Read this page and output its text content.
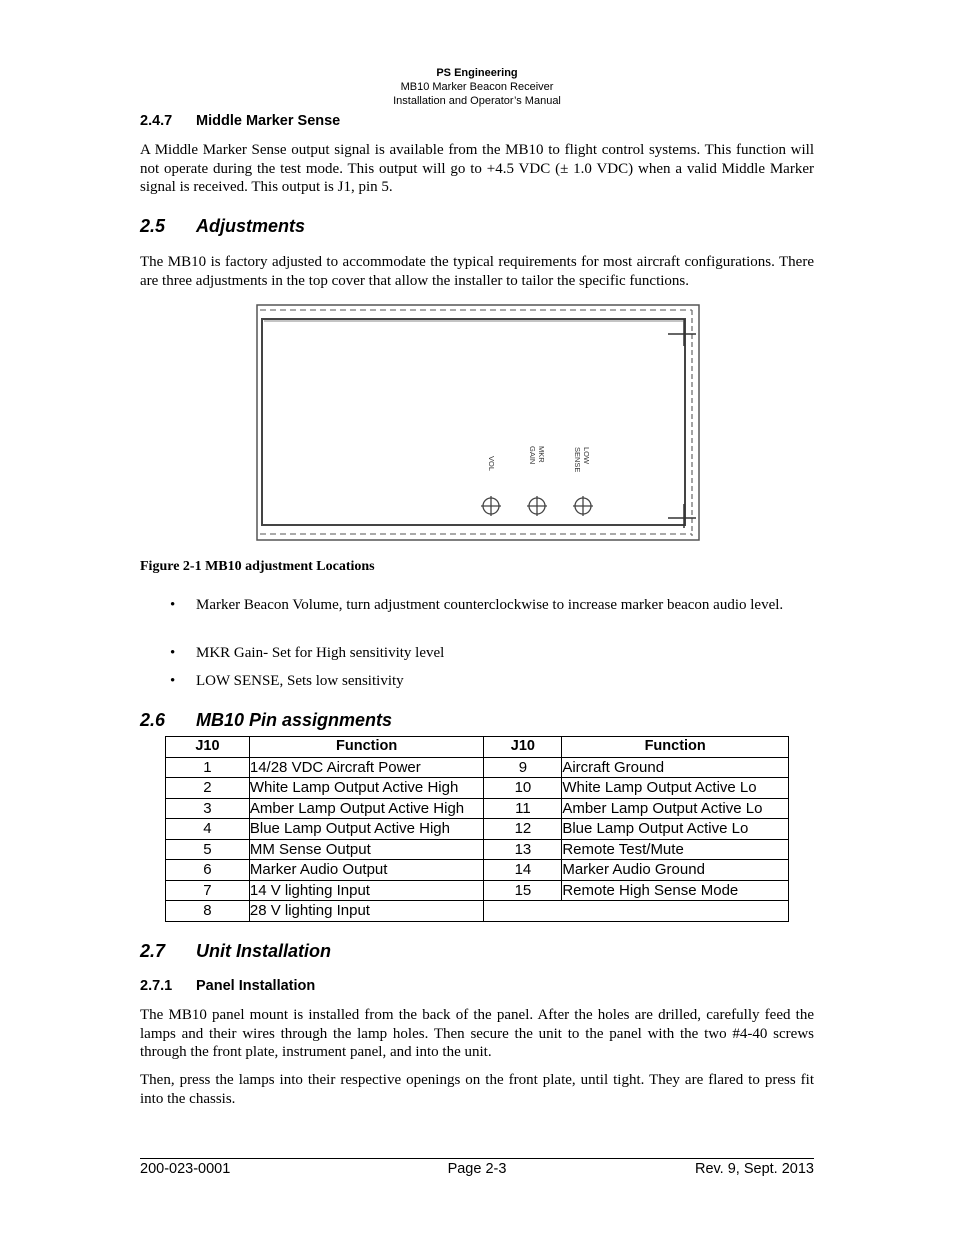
PS Engineering
MB10 Marker Beacon Receiver
Installation and Operator’s Manual
2.4.7 Middle Marker Sense
A Middle Marker Sense output signal is available from the MB10 to flight control systems. This function will not operate during the test mode. This output will go to +4.5 VDC (± 1.0 VDC) when a valid Middle Marker signal is received. This output is J1, pin 5.
2.5 Adjustments
The MB10 is factory adjusted to accommodate the typical requirements for most aircraft configurations. There are three adjustments in the top cover that allow the installer to tailor the specific functions.
VOL
MKR
GAIN	LOW
SENSE
Figure 2-1 MB10 adjustment Locations
• Marker Beacon Volume, turn adjustment counterclockwise to increase marker beacon audio level.
• MKR Gain- Set for High sensitivity level
• LOW SENSE, Sets low sensitivity
2.6 MB10 Pin assignments
J10	Function	J10	Function
1	14/28 VDC Aircraft Power	9	Aircraft Ground
2	White Lamp Output Active High	10	White Lamp Output Active Lo
3	Amber Lamp Output Active High	11	Amber Lamp Output Active Lo
4	Blue Lamp Output Active High	12	Blue Lamp Output Active Lo
5	MM Sense Output	13	Remote Test/Mute
6	Marker Audio Output	14	Marker Audio Ground
7	14 V lighting Input	15	Remote High Sense Mode
8	28 V lighting Input		
2.7 Unit Installation
2.7.1 Panel Installation
The MB10 panel mount is installed from the back of the panel. After the holes are drilled, carefully feed the lamps and their wires through the lamp holes. Then secure the unit to the panel with the two #4-40 screws through the front plate, instrument panel, and into the unit.
Then, press the lamps into their respective openings on the front plate, until tight. They are flared to press fit into the chassis.
200-023-0001	Page 2-3	Rev. 9, Sept. 2013
